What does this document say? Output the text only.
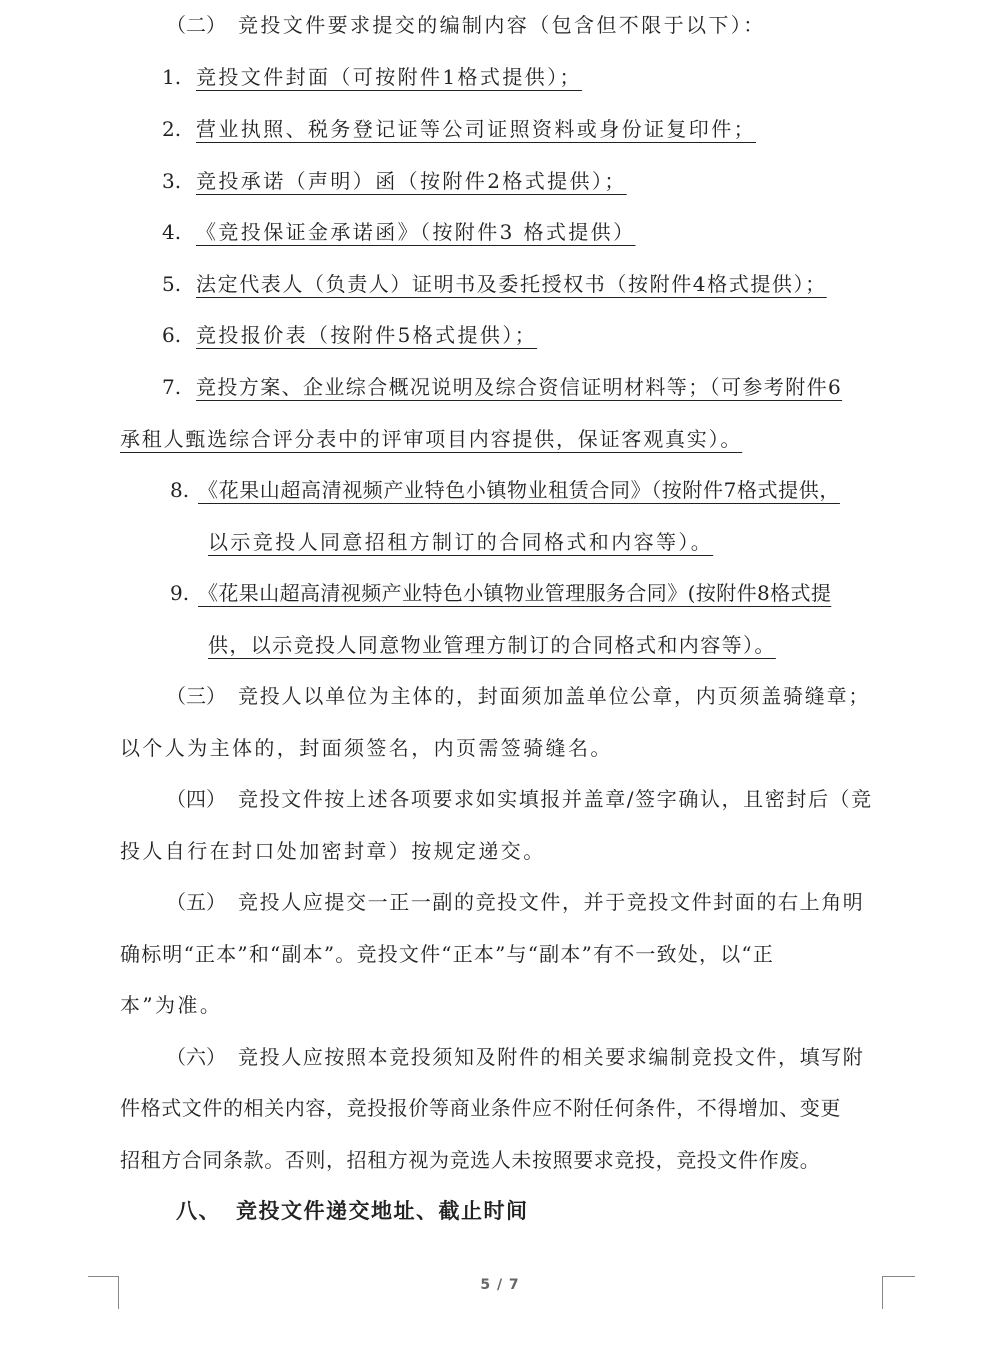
（二） 竞投文件要求提交的编制内容（包含但不限于以下）：
1. 竞投文件封面（可按附件1格式提供）；
2. 营业执照、税务登记证等公司证照资料或身份证复印件；
3. 竞投承诺（声明）函（按附件2格式提供）；
4. 《竞投保证金承诺函》（按附件3 格式提供）
5. 法定代表人（负责人）证明书及委托授权书（按附件4格式提供）；
6. 竞投报价表（按附件5格式提供）；
7. 竞投方案、企业综合概况说明及综合资信证明材料等；（可参考附件6
承租人甄选综合评分表中的评审项目内容提供，保证客观真实）。
8. 《花果山超高清视频产业特色小镇物业租赁合同》（按附件7格式提供，
以示竞投人同意招租方制订的合同格式和内容等）。
9. 《花果山超高清视频产业特色小镇物业管理服务合同》(按附件8格式提
供，以示竞投人同意物业管理方制订的合同格式和内容等）。
（三） 竞投人以单位为主体的，封面须加盖单位公章，内页须盖骑缝章；
以个人为主体的，封面须签名，内页需签骑缝名。
（四） 竞投文件按上述各项要求如实填报并盖章/签字确认，且密封后（竞
投人自行在封口处加密封章）按规定递交。
（五） 竞投人应提交一正一副的竞投文件，并于竞投文件封面的右上角明
确标明“正本”和“副本”。竞投文件“正本”与“副本”有不一致处，以“正
本”为准。
（六） 竞投人应按照本竞投须知及附件的相关要求编制竞投文件，填写附
件格式文件的相关内容，竞投报价等商业条件应不附任何条件，不得增加、变更
招租方合同条款。否则，招租方视为竞选人未按照要求竞投，竞投文件作废。
八、 竞投文件递交地址、截止时间
5 / 7
